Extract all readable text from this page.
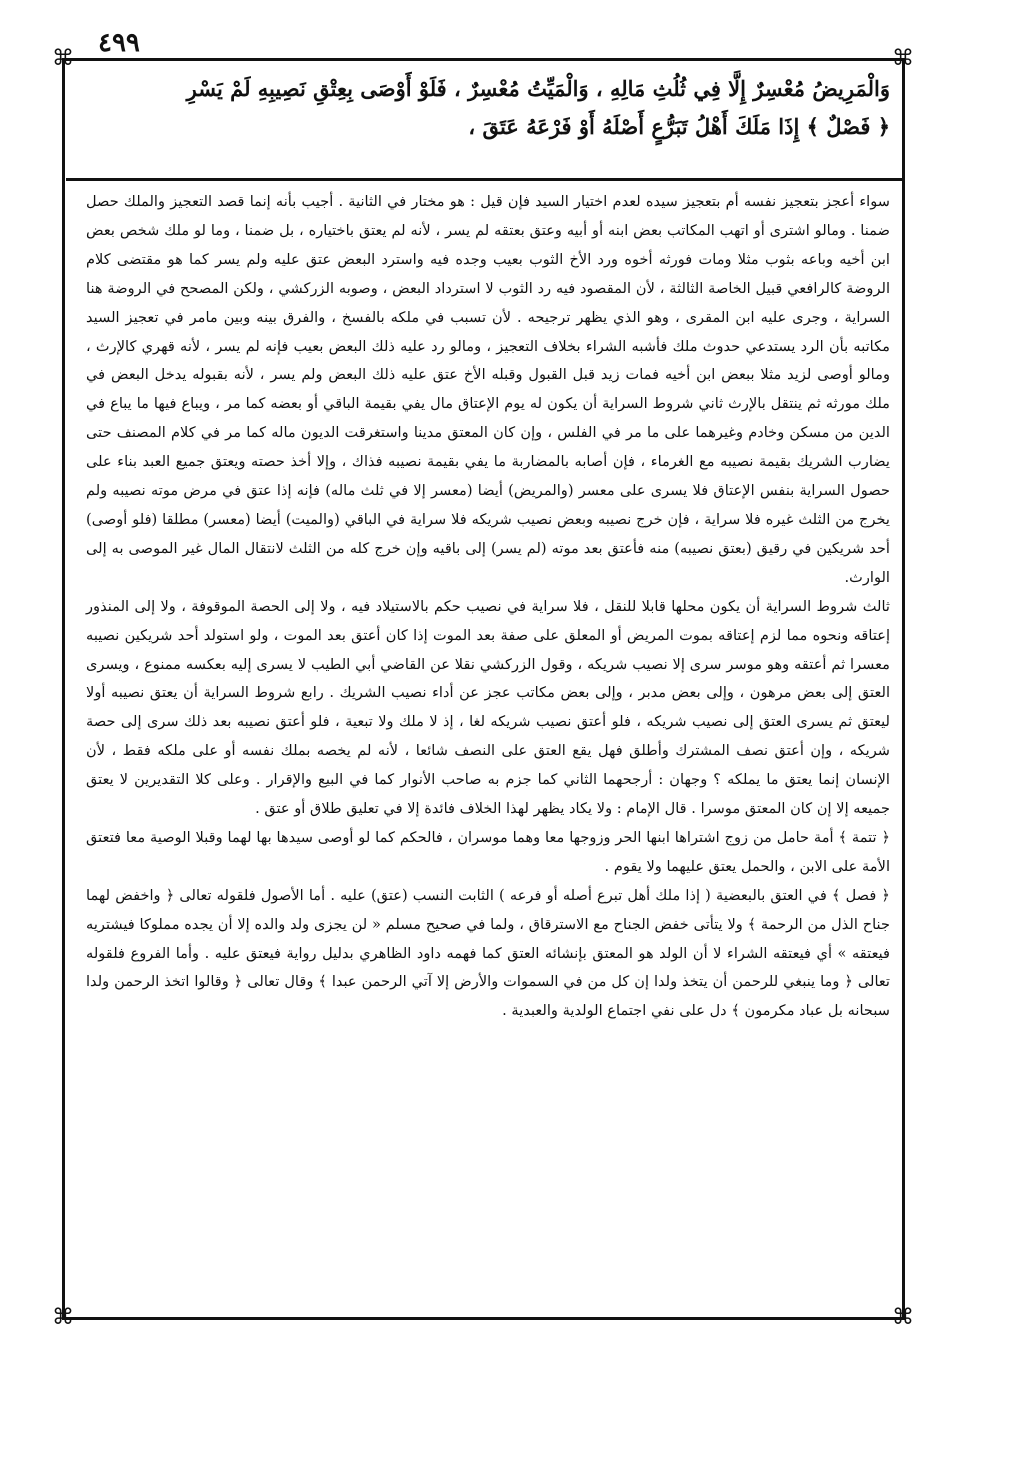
⌘	⌘
⌘	⌘
٤٩٩
وَالْمَرِيضُ مُعْسِرٌ إِلَّا فِي ثُلُثِ مَالِهِ ، وَالْمَيِّتُ مُعْسِرٌ ، فَلَوْ أَوْصَى بِعِتْقِ نَصِيبِهِ لَمْ يَسْرِ
﴿ فَصْلٌ ﴾ إِذَا مَلَكَ أَهْلُ تَبَرُّعٍ أَصْلَهُ أَوْ فَرْعَهُ عَتَقَ ،

سواء أعجز بتعجيز نفسه أم بتعجيز سيده لعدم اختيار السيد فإن قيل : هو مختار في الثانية . أجيب بأنه إنما قصد التعجيز والملك حصل ضمنا . ومالو اشترى أو اتهب المكاتب بعض ابنه أو أبيه وعتق بعتقه لم يسر ، لأنه لم يعتق باختياره ، بل ضمنا ، وما لو ملك شخص بعض ابن أخيه وباعه بثوب مثلا ومات فورثه أخوه ورد الأخ الثوب بعيب وجده فيه واسترد البعض عتق عليه ولم يسر كما هو مقتضى كلام الروضة كالرافعي قبيل الخاصة الثالثة ، لأن المقصود فيه رد الثوب لا استرداد البعض ، وصوبه الزركشي ، ولكن المصحح في الروضة هنا السراية ، وجرى عليه ابن المقرى ، وهو الذي يظهر ترجيحه . لأن تسبب في ملكه بالفسخ ، والفرق بينه وبين مامر في تعجيز السيد مكاتبه بأن الرد يستدعي حدوث ملك فأشبه الشراء بخلاف التعجيز ، ومالو رد عليه ذلك البعض بعيب فإنه لم يسر ، لأنه قهري كالإرث ، ومالو أوصى لزيد مثلا ببعض ابن أخيه فمات زيد قبل القبول وقبله الأخ عتق عليه ذلك البعض ولم يسر ، لأنه بقبوله يدخل البعض في ملك مورثه ثم ينتقل بالإرث ثاني شروط السراية أن يكون له يوم الإعتاق مال يفي بقيمة الباقي أو بعضه كما مر ، ويباع فيها ما يباع في الدين من مسكن وخادم وغيرهما على ما مر في الفلس ، وإن كان المعتق مدينا واستغرقت الديون ماله كما مر في كلام المصنف حتى يضارب الشريك بقيمة نصيبه مع الغرماء ، فإن أصابه بالمضاربة ما يفي بقيمة نصيبه فذاك ، وإلا أخذ حصته ويعتق جميع العبد بناء على حصول السراية بنفس الإعتاق فلا يسرى على معسر (والمريض) أيضا (معسر إلا في ثلث ماله) فإنه إذا عتق في مرض موته نصيبه ولم يخرج من الثلث غيره فلا سراية ، فإن خرج نصيبه وبعض نصيب شريكه فلا سراية في الباقي (والميت) أيضا (معسر) مطلقا (فلو أوصى) أحد شريكين في رقيق (بعتق نصيبه) منه فأعتق بعد موته (لم يسر) إلى باقيه وإن خرج كله من الثلث لانتقال المال غير الموصى به إلى الوارث.

ثالث شروط السراية أن يكون محلها قابلا للنقل ، فلا سراية في نصيب حكم بالاستيلاد فيه ، ولا إلى الحصة الموقوفة ، ولا إلى المنذور إعتاقه ونحوه مما لزم إعتاقه بموت المريض أو المعلق على صفة بعد الموت إذا كان أعتق بعد الموت ، ولو استولد أحد شريكين نصيبه معسرا ثم أعتقه وهو موسر سرى إلا نصيب شريكه ، وقول الزركشي نقلا عن القاضي أبي الطيب لا يسرى إليه بعكسه ممنوع ، ويسرى العتق إلى بعض مرهون ، وإلى بعض مدبر ، وإلى بعض مكاتب عجز عن أداء نصيب الشريك . رابع شروط السراية أن يعتق نصيبه أولا ليعتق ثم يسرى العتق إلى نصيب شريكه ، فلو أعتق نصيب شريكه لغا ، إذ لا ملك ولا تبعية ، فلو أعتق نصيبه بعد ذلك سرى إلى حصة شريكه ، وإن أعتق نصف المشترك وأطلق فهل يقع العتق على النصف شائعا ، لأنه لم يخصه بملك نفسه أو على ملكه فقط ، لأن الإنسان إنما يعتق ما يملكه ؟ وجهان : أرجحهما الثاني كما جزم به صاحب الأنوار كما في البيع والإقرار . وعلى كلا التقديرين لا يعتق جميعه إلا إن كان المعتق موسرا . قال الإمام : ولا يكاد يظهر لهذا الخلاف فائدة إلا في تعليق طلاق أو عتق .

﴿ تتمة ﴾ أمة حامل من زوج اشتراها ابنها الحر وزوجها معا وهما موسران ، فالحكم كما لو أوصى سيدها بها لهما وقبلا الوصية معا فتعتق الأمة على الابن ، والحمل يعتق عليهما ولا يقوم .

﴿ فصل ﴾ في العتق بالبعضية ( إذا ملك أهل تبرع أصله أو فرعه ) الثابت النسب (عتق) عليه . أما الأصول فلقوله تعالى ﴿ واخفض لهما جناح الذل من الرحمة ﴾ ولا يتأتى خفض الجناح مع الاسترقاق ، ولما في صحيح مسلم « لن يجزى ولد والده إلا أن يجده مملوكا فيشتريه فيعتقه » أي فيعتقه الشراء لا أن الولد هو المعتق بإنشائه العتق كما فهمه داود الظاهري بدليل رواية فيعتق عليه . وأما الفروع فلقوله تعالى ﴿ وما ينبغي للرحمن أن يتخذ ولدا إن كل من في السموات والأرض إلا آتي الرحمن عبدا ﴾ وقال تعالى ﴿ وقالوا اتخذ الرحمن ولدا سبحانه بل عباد مكرمون ﴾ دل على نفي اجتماع الولدية والعبدية .
